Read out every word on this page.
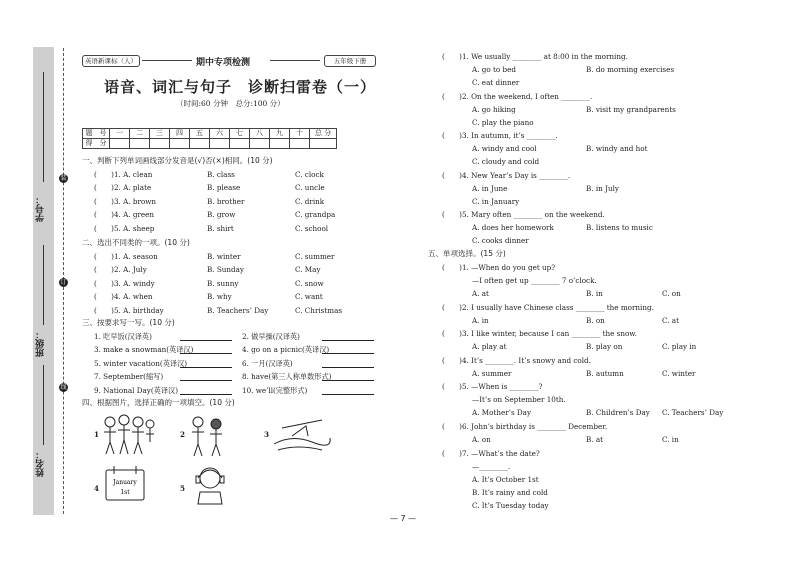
学号：
班级：
姓名：
装
订
线
英语新课标（人）	期中专项检测	五年级下册
语音、词汇与句子　诊断扫雷卷（一）
（时间:60 分钟　总分:100 分）
题　号	一	二	三	四	五	六	七	八	九	十	总 分
得　分											
一、判断下列单词画线部分发音是(√)否(×)相同。(10 分)
二、选出不同类的一项。(10 分)
三、按要求写一写。(10 分)
四、根据图片，选择正确的一项填空。(10 分)
1	2	3
4
January
1st	5
五、单项选择。(15 分)
— 7 —
(　　)1. A. clean	B. class	C. clock
(　　)2. A. plate	B. please	C. uncle
(　　)3. A. brown	B. brother	C. drink
(　　)4. A. green	B. grow	C. grandpa
(　　)5. A. sheep	B. shirt	C. school
(　　)1. A. season	B. winter	C. summer
(　　)2. A. July	B. Sunday	C. May
(　　)3. A. windy	B. sunny	C. snow
(　　)4. A. when	B. why	C. want
(　　)5. A. birthday	B. Teachers’ Day	C. Christmas
1. 吃早饭(汉译英)	2. 做早操(汉译英)
3. make a snowman(英译汉)	4. go on a picnic(英译汉)
5. winter vacation(英译汉)	6. 一月(汉译英)
7. September(缩写)	8. have(第三人称单数形式)
9. National Day(英译汉)	10. we’ll(完整形式)
(　　)1. We usually ________ at 8:00 in the morning.
A. go to bed	B. do morning exercises
C. eat dinner
(　　)2. On the weekend, I often ________.
A. go hiking	B. visit my grandparents
C. play the piano
(　　)3. In autumn, it’s ________.
A. windy and cool	B. windy and hot
C. cloudy and cold
(　　)4. New Year’s Day is ________.
A. in June	B. in July
C. in January
(　　)5. Mary often ________ on the weekend.
A. does her homework	B. listens to music
C. cooks dinner
(　　)1. —When do you get up?
—I often get up ________ 7 o’clock.
A. at	B. in	C. on
(　　)2. I usually have Chinese class ________ the morning.
A. in	B. on	C. at
(　　)3. I like winter, because I can ________ the snow.
A. play at	B. play on	C. play in
(　　)4. It’s ________. It’s snowy and cold.
A. summer	B. autumn	C. winter
(　　)5. —When is ________?
—It’s on September 10th.
A. Mother’s Day	B. Children’s Day C. Teachers’ Day
(　　)6. John’s birthday is ________ December.
A. on	B. at	C. in
(　　)7. —What’s the date?
—________.
A. It’s October 1st
B. It’s rainy and cold
C. It’s Tuesday today
